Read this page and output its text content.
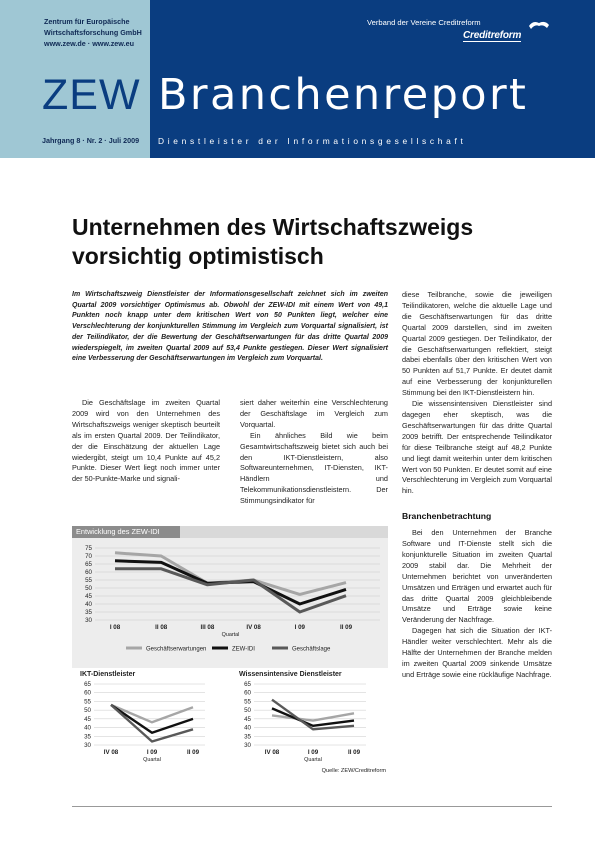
Zentrum für Europäische
Wirtschaftsforschung GmbH
www.zew.de · www.zew.eu
Verband der Vereine Creditreform
Creditreform
ZEW Branchenreport
Jahrgang 8 · Nr. 2 · Juli 2009 Dienstleister der Informationsgesellschaft
Unternehmen des Wirtschaftszweigs
vorsichtig optimistisch

Im Wirtschaftszweig Dienstleister der Informationsgesellschaft zeichnet sich im zweiten Quartal 2009 vorsichtiger Optimismus ab. Obwohl der ZEW-IDI mit einem Wert von 49,1 Punkten noch knapp unter dem kritischen Wert von 50 Punkten liegt, welcher eine Verschlechterung der konjunkturellen Stimmung im Vergleich zum Vorquartal signalisiert, ist der Teilindikator, der die Bewertung der Geschäftserwartungen für das dritte Quartal 2009 wiederspiegelt, im zweiten Quartal 2009 auf 53,4 Punkte gestiegen. Dieser Wert signalisiert eine Verbesserung der Geschäftserwartungen im Vergleich zum Vorquartal.

Die Geschäftslage im zweiten Quartal 2009 wird von den Unternehmen des Wirtschaftszweigs weniger skeptisch beurteilt als im ersten Quartal 2009. Der Teilindikator, der die Einschätzung der aktuellen Lage wiedergibt, steigt um 10,4 Punkte auf 45,2 Punkte. Dieser Wert liegt noch immer unter der 50-Punkte-Marke und signali-

siert daher weiterhin eine Verschlechterung der Geschäftslage im Vergleich zum Vorquartal.

Ein ähnliches Bild wie beim Gesamtwirtschaftszweig bietet sich auch bei den IKT-Dienstleistern, also Softwareunternehmen, IT-Diensten, IKT-Händlern und Telekommunikationsdienstleistern. Der Stimmungsindikator für

diese Teilbranche, sowie die jeweiligen Teilindikatoren, welche die aktuelle Lage und die Geschäftserwartungen für das dritte Quartal 2009 darstellen, sind im zweiten Quartal 2009 gestiegen. Der Teilindikator, der die Geschäftserwartungen reflektiert, steigt dabei ebenfalls über den kritischen Wert von 50 Punkten auf 51,7 Punkte. Er deutet damit auf eine Verbesserung der konjunkturellen Stimmung bei den IKT-Dienstleistern hin.

Die wissensintensiven Dienstleister sind dagegen eher skeptisch, was die Geschäftserwartungen für das dritte Quartal 2009 betrifft. Der entsprechende Teilindikator für diese Teilbranche steigt auf 48,2 Punkte und liegt damit weiterhin unter dem kritischen Wert von 50 Punkten. Er deutet somit auf eine Verschlechterung im Vergleich zum Vorquartal hin.

Branchenbetrachtung

Bei den Unternehmen der Branche Software und IT-Dienste stellt sich die konjunkturelle Situation im zweiten Quartal 2009 stabil dar. Die Mehrheit der Unternehmen berichtet von unveränderten Umsätzen und Erträgen und erwartet auch für das dritte Quartal 2009 gleichbleibende Umsätze und Erträge sowie keine Veränderung der Nachfrage.

Dagegen hat sich die Situation der IKT-Händler weiter verschlechtert. Mehr als die Hälfte der Unternehmen der Branche melden im zweiten Quartal 2009 sinkende Umsätze und Erträge sowie eine rückläufige Nachfrage.

Entwicklung des ZEW-IDI
75
70
65
60
55
50
45
40
35
30
I 08	II 08	III 08	IV 08	I 09	II 09
Quartal
IKT-Dienstleister
65
60
55
50
45
40
35
30
IV 08	I 09	II 09
Quartal
Wissensintensive Dienstleister
65
60
55
50
45
40
35
30
IV 08	I 09	II 09
Quartal
Geschäftserwartungen	ZEW-IDI	Geschäftslage
Quelle: ZEW/Creditreform
